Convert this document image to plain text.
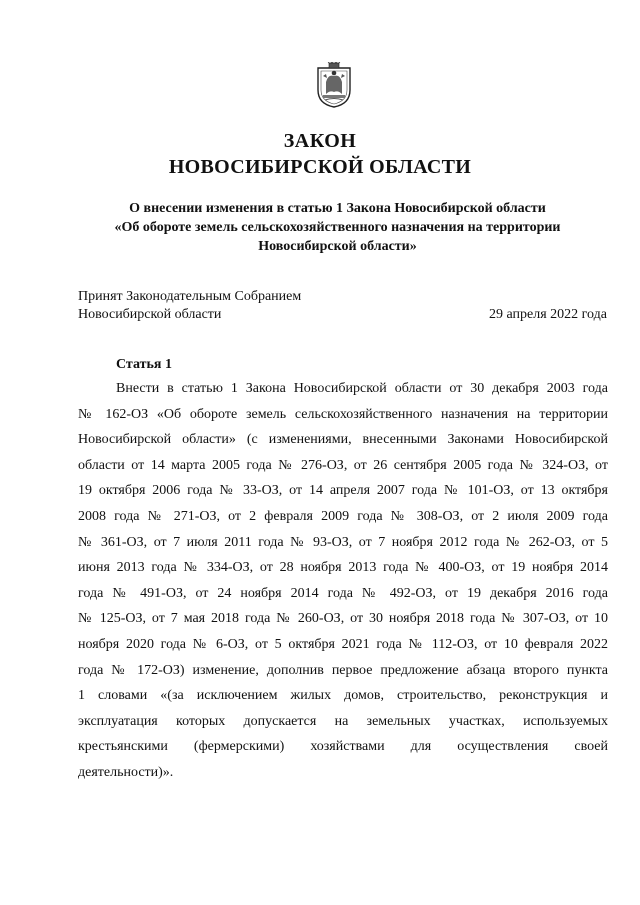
ЗАКОН
НОВОСИБИРСКОЙ ОБЛАСТИ
О внесении изменения в статью 1 Закона Новосибирской области
«Об обороте земель сельскохозяйственного назначения на территории
Новосибирской области»
Принят Законодательным Собранием
Новосибирской области	29 апреля 2022 года
Статья 1
Внести в статью 1 Закона Новосибирской области от 30 декабря 2003 года
№ 162-ОЗ «Об обороте земель сельскохозяйственного назначения на территории
Новосибирской области» (с изменениями, внесенными Законами Новосибирской
области от 14 марта 2005 года № 276-ОЗ, от 26 сентября 2005 года № 324-ОЗ, от
19 октября 2006 года № 33-ОЗ, от 14 апреля 2007 года № 101-ОЗ, от 13 октября
2008 года № 271-ОЗ, от 2 февраля 2009 года № 308-ОЗ, от 2 июля 2009 года
№ 361-ОЗ, от 7 июля 2011 года № 93-ОЗ, от 7 ноября 2012 года № 262-ОЗ, от 5
июня 2013 года № 334-ОЗ, от 28 ноября 2013 года № 400-ОЗ, от 19 ноября 2014
года № 491-ОЗ, от 24 ноября 2014 года № 492-ОЗ, от 19 декабря 2016 года
№ 125-ОЗ, от 7 мая 2018 года № 260-ОЗ, от 30 ноября 2018 года № 307-ОЗ, от 10
ноября 2020 года № 6-ОЗ, от 5 октября 2021 года № 112-ОЗ, от 10 февраля 2022
года № 172-ОЗ) изменение, дополнив первое предложение абзаца второго пункта
1 словами «(за исключением жилых домов, строительство, реконструкция и
эксплуатация которых допускается на земельных участках, используемых
крестьянскими (фермерскими) хозяйствами для осуществления своей
деятельности)».
